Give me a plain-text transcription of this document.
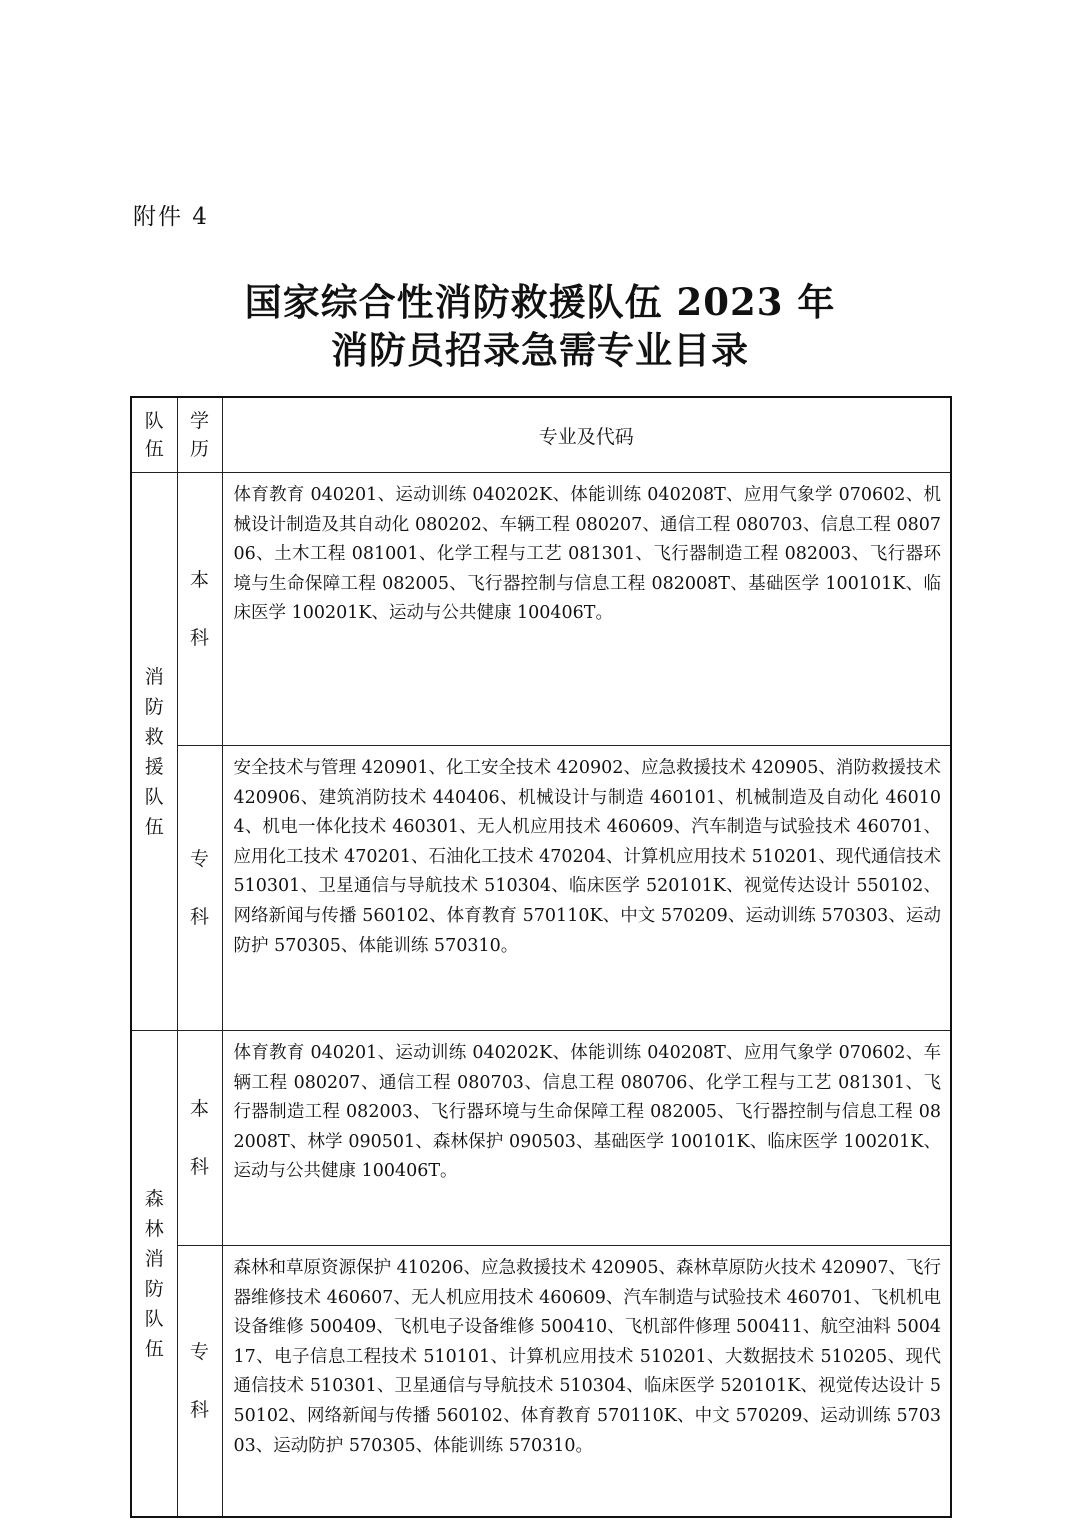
附件 4
国家综合性消防救援队伍 2023 年
消防员招录急需专业目录
队伍	学历	专业及代码

消防救援队伍	本科	体育教育 040201、运动训练 040202K、体能训练 040208T、应用气象学 070602、机械设计制造及其自动化 080202、车辆工程 080207、通信工程 080703、信息工程 080706、土木工程 081001、化学工程与工艺 081301、飞行器制造工程 082003、飞行器环境与生命保障工程 082005、飞行器控制与信息工程 082008T、基础医学 100101K、临床医学 100201K、运动与公共健康 100406T。

	专科	安全技术与管理 420901、化工安全技术 420902、应急救援技术 420905、消防救援技术 420906、建筑消防技术 440406、机械设计与制造 460101、机械制造及自动化 460104、机电一体化技术 460301、无人机应用技术 460609、汽车制造与试验技术 460701、应用化工技术 470201、石油化工技术 470204、计算机应用技术 510201、现代通信技术 510301、卫星通信与导航技术 510304、临床医学 520101K、视觉传达设计 550102、网络新闻与传播 560102、体育教育 570110K、中文 570209、运动训练 570303、运动防护 570305、体能训练 570310。

森林消防队伍	本科	体育教育 040201、运动训练 040202K、体能训练 040208T、应用气象学 070602、车辆工程 080207、通信工程 080703、信息工程 080706、化学工程与工艺 081301、飞行器制造工程 082003、飞行器环境与生命保障工程 082005、飞行器控制与信息工程 082008T、林学 090501、森林保护 090503、基础医学 100101K、临床医学 100201K、运动与公共健康 100406T。

	专科	森林和草原资源保护 410206、应急救援技术 420905、森林草原防火技术 420907、飞行器维修技术 460607、无人机应用技术 460609、汽车制造与试验技术 460701、飞机机电设备维修 500409、飞机电子设备维修 500410、飞机部件修理 500411、航空油料 500417、电子信息工程技术 510101、计算机应用技术 510201、大数据技术 510205、现代通信技术 510301、卫星通信与导航技术 510304、临床医学 520101K、视觉传达设计 550102、网络新闻与传播 560102、体育教育 570110K、中文 570209、运动训练 570303、运动防护 570305、体能训练 570310。
